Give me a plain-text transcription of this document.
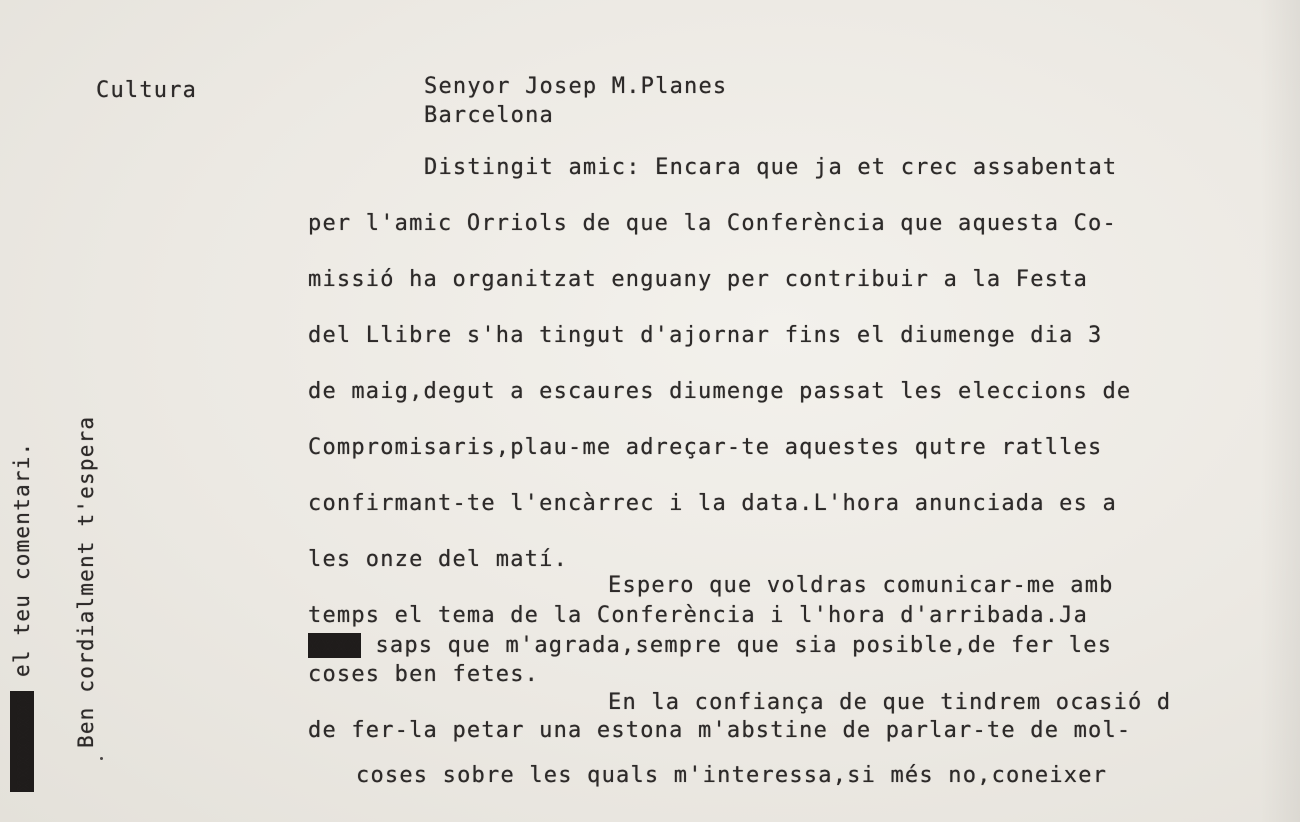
Cultura	Senyor Josep M.Planes
Barcelona
Distingit amic: Encara que ja et crec assabentat
per l'amic Orriols de que la Conferència que aquesta Co-
missió ha organitzat enguany per contribuir a la Festa
del Llibre s'ha tingut d'ajornar fins el diumenge dia 3
de maig,degut a escaures diumenge passat les eleccions de
Compromisaris,plau-me adreçar-te aquestes qutre ratlles
confirmant-te l'encàrrec i la data.L'hora anunciada es a
les onze del matí.
Espero que voldras comunicar-me amb
temps el tema de la Conferència i l'hora d'arribada.Ja
xxxx saps que m'agrada,sempre que sia posible,de fer les
coses ben fetes.
En la confiança de que tindrem ocasió d
de fer-la petar una estona m'abstine de parlar-te de mol-
coses sobre les quals m'interessa,si més no,coneixer
xxxxxxxx el teu comentari. Ben cordialment t'espera
